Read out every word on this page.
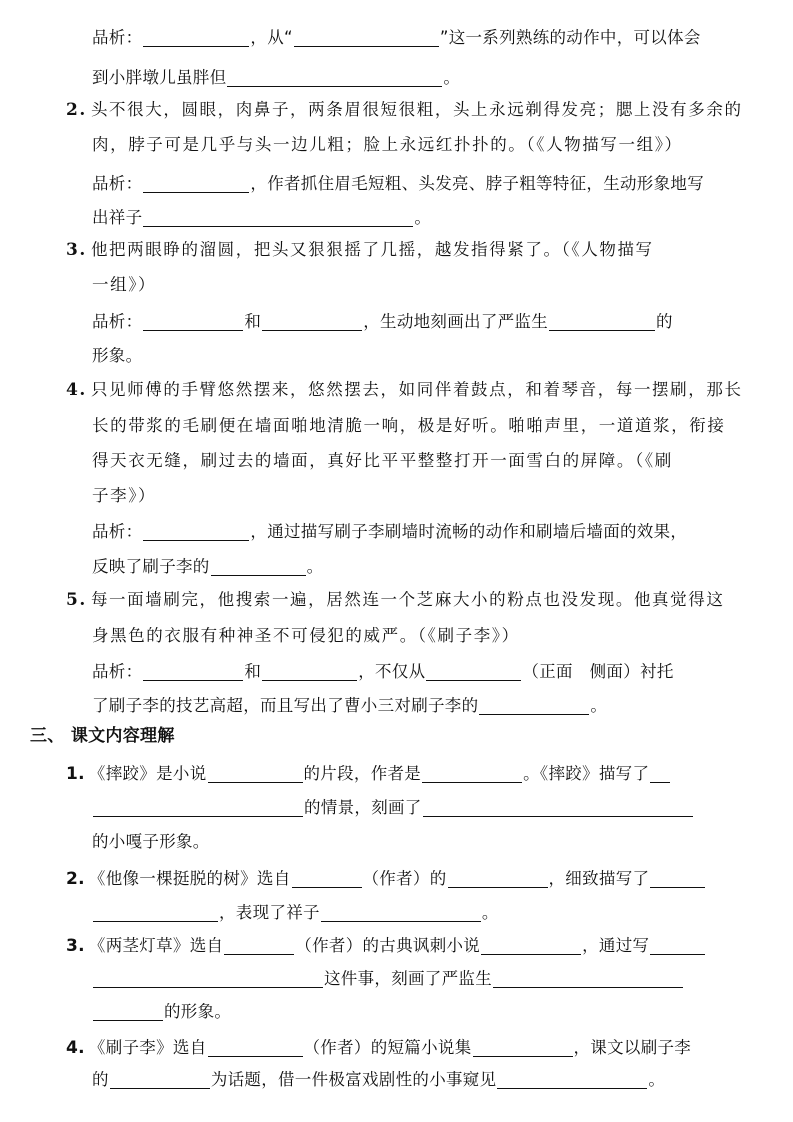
品析：	，从“	”这一系列熟练的动作中，可以体会
到小胖墩儿虽胖但	。
2. 头不很大，圆眼，肉鼻子，两条眉很短很粗，头上永远剃得发亮；腮上没有多余的
肉，脖子可是几乎与头一边儿粗；脸上永远红扑扑的。（《人物描写一组》）
品析：	，作者抓住眉毛短粗、头发亮、脖子粗等特征，生动形象地写
出祥子	。
3. 他把两眼睁的溜圆，把头又狠狠摇了几摇，越发指得紧了。（《人物描写
一组》）
品析：	和	，生动地刻画出了严监生	的
形象。
4. 只见师傅的手臂悠然摆来，悠然摆去，如同伴着鼓点，和着琴音，每一摆刷，那长
长的带浆的毛刷便在墙面啪地清脆一响，极是好听。啪啪声里，一道道浆，衔接
得天衣无缝，刷过去的墙面，真好比平平整整打开一面雪白的屏障。（《刷
子李》）
品析：	，通过描写刷子李刷墙时流畅的动作和刷墙后墙面的效果，
反映了刷子李的	。
5. 每一面墙刷完，他搜索一遍，居然连一个芝麻大小的粉点也没发现。他真觉得这
身黑色的衣服有种神圣不可侵犯的威严。（《刷子李》）
品析：	和	，不仅从	（正面　侧面）衬托
了刷子李的技艺高超，而且写出了曹小三对刷子李的	。
三、 课文内容理解
1. 《摔跤》是小说	的片段，作者是	。《摔跤》描写了
的情景，刻画了
的小嘎子形象。
2. 《他像一棵挺脱的树》选自	（作者）的	，细致描写了
，表现了祥子	。
3. 《两茎灯草》选自	（作者）的古典讽刺小说	，通过写
这件事，刻画了严监生
的形象。
4. 《刷子李》选自	（作者）的短篇小说集	，课文以刷子李
的	为话题，借一件极富戏剧性的小事窥见	。
